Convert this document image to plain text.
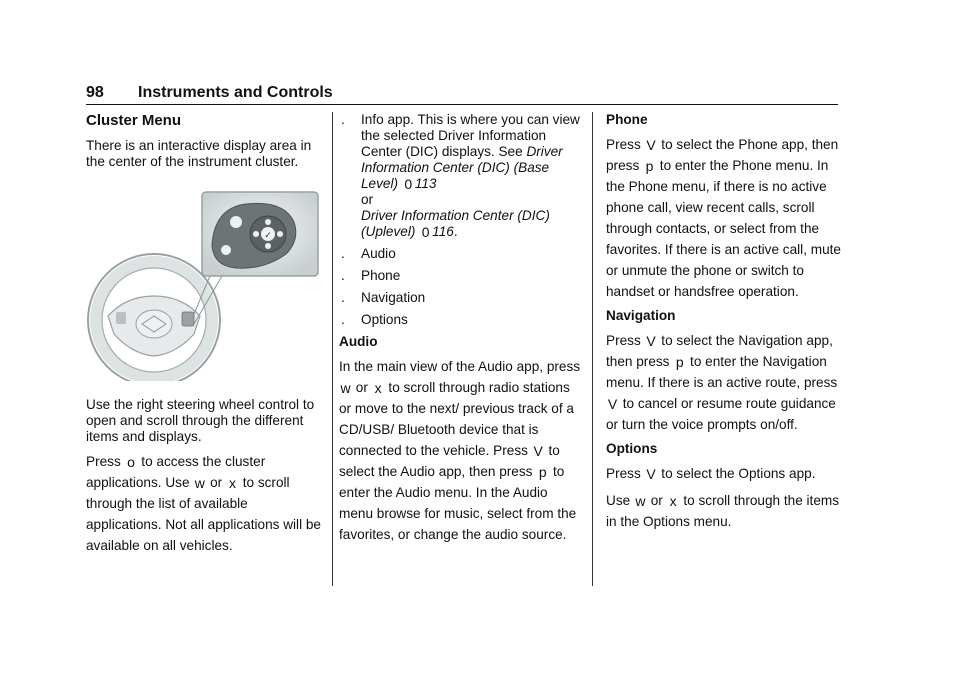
98 Instruments and Controls
Cluster Menu
There is an interactive display area in the center of the instrument cluster.
✓
Use the right steering wheel control to open and scroll through the different items and displays.
Press o to access the cluster applications. Use w or x to scroll through the list of available applications. Not all applications will be available on all vehicles.
. Info app. This is where you can view the selected Driver Information Center (DIC) displays. See Driver Information Center (DIC) (Base Level) 0 113
or
Driver Information Center (DIC) (Uplevel) 0 116.
. Audio
. Phone
. Navigation
. Options
Audio
In the main view of the Audio app, press w or x to scroll through radio stations or move to the next/ previous track of a CD/USB/ Bluetooth device that is connected to the vehicle. Press V to select the Audio app, then press p to enter the Audio menu. In the Audio menu browse for music, select from the favorites, or change the audio source.
Phone
Press V to select the Phone app, then press p to enter the Phone menu. In the Phone menu, if there is no active phone call, view recent calls, scroll through contacts, or select from the favorites. If there is an active call, mute or unmute the phone or switch to handset or handsfree operation.
Navigation
Press V to select the Navigation app, then press p to enter the Navigation menu. If there is an active route, press V to cancel or resume route guidance or turn the voice prompts on/off.
Options
Press V to select the Options app.
Use w or x to scroll through the items in the Options menu.
